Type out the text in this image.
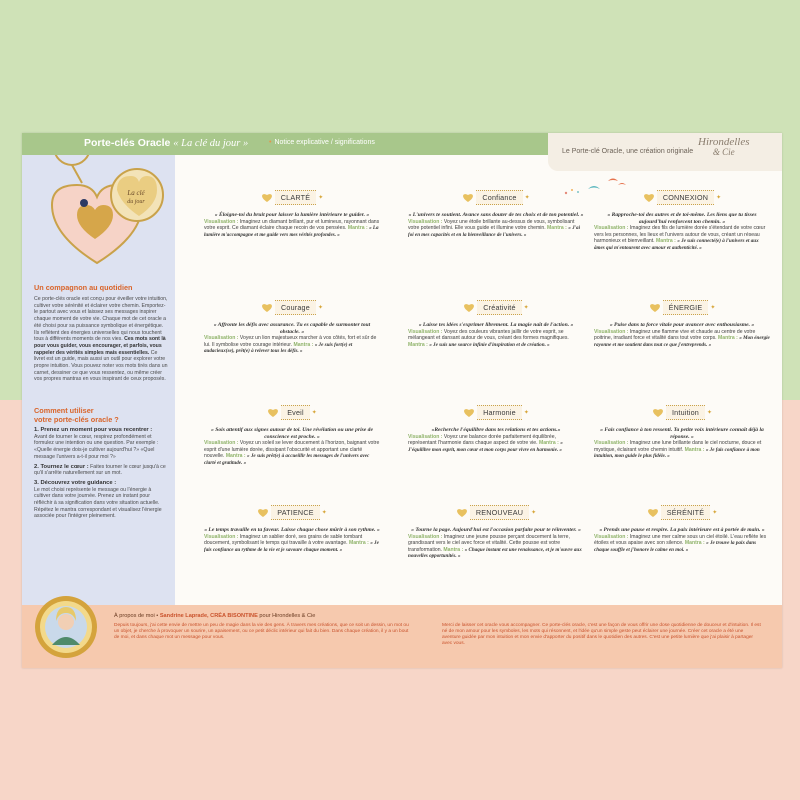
Porte-clés Oracle « La clé du jour »	• Notice explicative / significations
Le Porte-clé Oracle, une création originale
Hirondelles
& Cie
La clé
du jour
Un compagnon au quotidien
Ce porte-clés oracle est conçu pour éveiller votre intuition, cultiver votre sérénité et éclairer votre chemin. Emportez-le partout avec vous et laissez ses messages inspirer chaque moment de votre vie. Chaque mot de cet oracle a été choisi pour sa puissance symbolique et énergétique. Ils reflètent des énergies universelles qui nous touchent tous à différents moments de nos vies. Ces mots sont là pour vous guider, vous encourager, et parfois, vous rappeler des vérités simples mais essentielles. Ce livret est un guide, mais aussi un outil pour explorer votre propre intuition. Vous pouvez noter vos mots tirés dans un carnet, dessiner ce que vous ressentez, ou même créer vos propres mantras en vous inspirant de ceux proposés.
Comment utiliser
votre porte-clés oracle ?
1. Prenez un moment pour vous recentrer :
Avant de tourner le cœur, respirez profondément et formulez une intention ou une question. Par exemple : «Quelle énergie dois-je cultiver aujourd'hui ?» «Quel message l'univers a-t-il pour moi ?»
2. Tournez le cœur : Faites tourner le cœur jusqu'à ce qu'il s'arrête naturellement sur un mot.
3. Découvrez votre guidance :
Le mot choisi représente le message ou l'énergie à cultiver dans votre journée. Prenez un instant pour réfléchir à sa signification dans votre situation actuelle. Répétez le mantra correspondant et visualisez l'énergie associée pour l'intégrer pleinement.
CLARTÉ	✦
« Éloigne-toi du bruit pour laisser la lumière intérieure te guider. »
Visualisation : Imaginez un diamant brillant, pur et lumineux, rayonnant dans votre esprit. Ce diamant éclaire chaque recoin de vos pensées. Mantra : « La lumière m'accompagne et me guide vers mes vérités profondes. »
Confiance	✦
« L'univers te soutient. Avance sans douter de tes choix et de ton potentiel. »
Visualisation : Voyez une étoile brillante au-dessus de vous, symbolisant votre potentiel infini. Elle vous guide et illumine votre chemin. Mantra : « J'ai foi en mes capacités et en la bienveillance de l'univers. »
CONNEXION	✦
« Rapproche-toi des autres et de toi-même. Les liens que tu tisses aujourd'hui renforcent ton chemin. »
Visualisation : Imaginez des fils de lumière dorée s'étendant de votre cœur vers les personnes, les lieux et l'univers autour de vous, créant un réseau harmonieux et bienveillant. Mantra : « Je suis connecté(e) à l'univers et aux âmes qui m'entourent avec amour et authenticité. »
Courage	✦
« Affronte les défis avec assurance. Tu es capable de surmonter tout obstacle. »
Visualisation : Voyez un lion majestueux marcher à vos côtés, fort et sûr de lui. Il symbolise votre courage intérieur. Mantra : « Je suis fort(e) et audacieux(se), prêt(e) à relever tous les défis. »
Créativité	✦
« Laisse tes idées s'exprimer librement. La magie naît de l'action. »
Visualisation : Voyez des couleurs vibrantes jaillir de votre esprit, se mélangeant et dansant autour de vous, créant des formes magnifiques. Mantra : « Je suis une source infinie d'inspiration et de création. »
ÉNERGIE	✦
« Puise dans ta force vitale pour avancer avec enthousiasme. »
Visualisation : Imaginez une flamme vive et chaude au centre de votre poitrine, irradiant force et vitalité dans tout votre corps. Mantra : « Mon énergie rayonne et me soutient dans tout ce que j'entreprends. »
Eveil	✦
« Sois attentif aux signes autour de toi. Une révélation ou une prise de conscience est proche. »
Visualisation : Voyez un soleil se lever doucement à l'horizon, baignant votre esprit d'une lumière dorée, dissipant l'obscurité et apportant une clarté nouvelle. Mantra : « Je suis prêt(e) à accueillir les messages de l'univers avec clarté et gratitude. »
Harmonie	✦
«Recherche l'équilibre dans tes relations et tes actions.»
Visualisation : Voyez une balance dorée parfaitement équilibrée, représentant l'harmonie dans chaque aspect de votre vie. Mantra : « J'équilibre mon esprit, mon cœur et mon corps pour vivre en harmonie. »
Intuition	✦
« Fais confiance à ton ressenti. Ta petite voix intérieure connaît déjà la réponse. »
Visualisation : Imaginez une lune brillante dans le ciel nocturne, douce et mystique, éclairant votre chemin intuitif. Mantra : « Je fais confiance à mon intuition, mon guide le plus fidèle. »
PATIENCE	✦
« Le temps travaille en ta faveur. Laisse chaque chose mûrir à son rythme. »
Visualisation : Imaginez un sablier doré, ses grains de sable tombant doucement, symbolisant le temps qui travaille à votre avantage. Mantra : « Je fais confiance au rythme de la vie et je savoure chaque moment. »
RENOUVEAU	✦
« Tourne la page. Aujourd'hui est l'occasion parfaite pour te réinventer. »
Visualisation : Imaginez une jeune pousse perçant doucement la terre, grandissant vers le ciel avec force et vitalité. Cette pousse est votre transformation. Mantra : « Chaque instant est une renaissance, et je m'ouvre aux nouvelles opportunités. »
SÉRÉNITÉ	✦
« Prends une pause et respire. La paix intérieure est à portée de main. »
Visualisation : Imaginez une mer calme sous un ciel étoilé. L'eau reflète les étoiles et vous apaise avec son silence. Mantra : « Je trouve la paix dans chaque souffle et j'honore le calme en moi. »
À propos de moi • Sandrine Laprade, CRÉA BISONTINE pour Hirondelles & Cie
Depuis toujours, j'ai cette envie de mettre un peu de magie dans la vie des gens. À travers mes créations, que ce soit un dessin, un mot ou un objet, je cherche à provoquer un sourire, un apaisement, ou ce petit déclic intérieur qui fait du bien. Dans chaque création, il y a un bout de moi, et dans chaque mot un message pour vous.
Merci de laisser cet oracle vous accompagner. Ce porte-clés oracle, c'est une façon de vous offrir une dose quotidienne de douceur et d'intuition. Il est né de mon amour pour les symboles, les mots qui résonnent, et l'idée qu'un simple geste peut éclairer une journée. Créer cet oracle a été une aventure guidée par mon intuition et mon envie d'apporter du positif dans le quotidien des autres. C'est une petite lumière que j'ai plaisir à partager avec vous.
